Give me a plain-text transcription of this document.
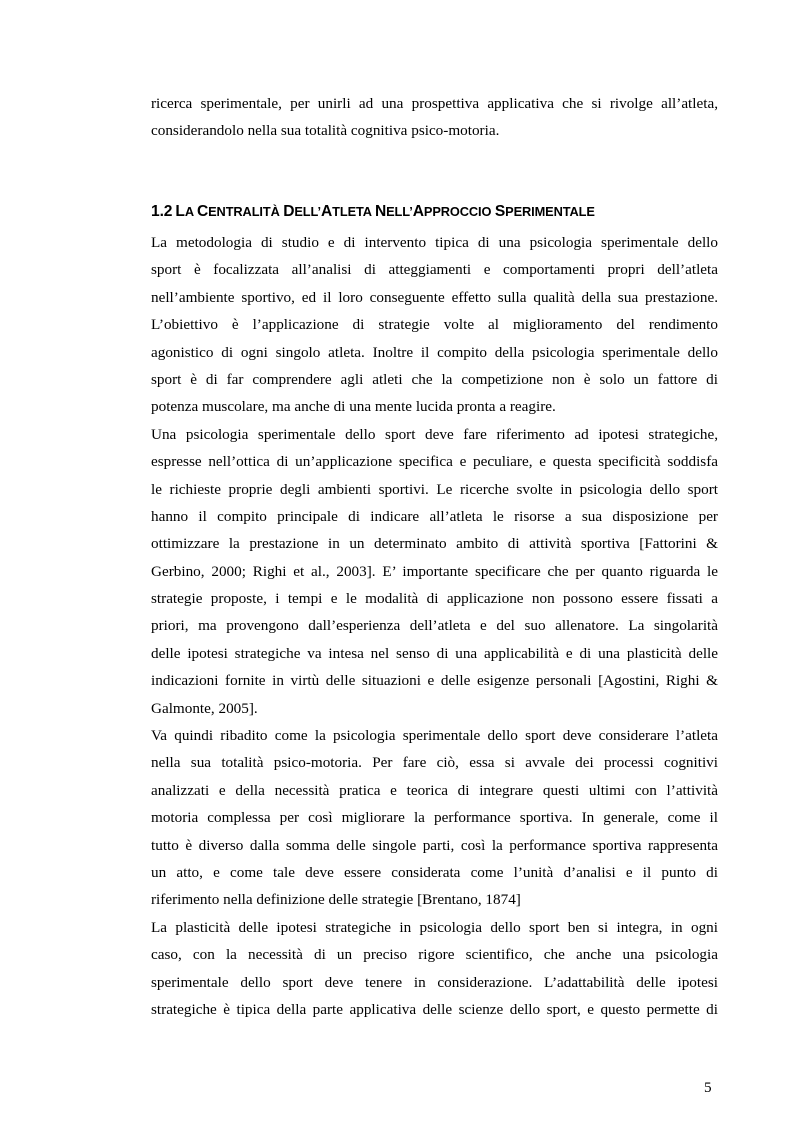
ricerca sperimentale, per unirli ad una prospettiva applicativa che si rivolge all’atleta,
considerandolo nella sua totalità cognitiva psico-motoria.
1.2 LA CENTRALITÀ DELL’ATLETA NELL’APPROCCIO SPERIMENTALE
La metodologia di studio e di intervento tipica di una psicologia sperimentale dello
sport è focalizzata all’analisi di atteggiamenti e comportamenti propri dell’atleta
nell’ambiente sportivo, ed il loro conseguente effetto sulla qualità della sua prestazione.
L’obiettivo è l’applicazione di strategie volte al miglioramento del rendimento
agonistico di ogni singolo atleta. Inoltre il compito della psicologia sperimentale dello
sport è di far comprendere agli atleti che la competizione non è solo un fattore di
potenza muscolare, ma anche di una mente lucida pronta a reagire.
Una psicologia sperimentale dello sport deve fare riferimento ad ipotesi strategiche,
espresse nell’ottica di un’applicazione specifica e peculiare, e questa specificità soddisfa
le richieste proprie degli ambienti sportivi. Le ricerche svolte in psicologia dello sport
hanno il compito principale di indicare all’atleta le risorse a sua disposizione per
ottimizzare la prestazione in un determinato ambito di attività sportiva [Fattorini &
Gerbino, 2000; Righi et al., 2003]. E’ importante specificare che per quanto riguarda le
strategie proposte, i tempi e le modalità di applicazione non possono essere fissati a
priori, ma provengono dall’esperienza dell’atleta e del suo allenatore. La singolarità
delle ipotesi strategiche va intesa nel senso di una applicabilità e di una plasticità delle
indicazioni fornite in virtù delle situazioni e delle esigenze personali [Agostini, Righi &
Galmonte, 2005].
Va quindi ribadito come la psicologia sperimentale dello sport deve considerare l’atleta
nella sua totalità psico-motoria. Per fare ciò, essa si avvale dei processi cognitivi
analizzati e della necessità pratica e teorica di integrare questi ultimi con l’attività
motoria complessa per così migliorare la performance sportiva. In generale, come il
tutto è diverso dalla somma delle singole parti, così la performance sportiva rappresenta
un atto, e come tale deve essere considerata come l’unità d’analisi e il punto di
riferimento nella definizione delle strategie [Brentano, 1874]
La plasticità delle ipotesi strategiche in psicologia dello sport ben si integra, in ogni
caso, con la necessità di un preciso rigore scientifico, che anche una psicologia
sperimentale dello sport deve tenere in considerazione. L’adattabilità delle ipotesi
strategiche è tipica della parte applicativa delle scienze dello sport, e questo permette di
5
